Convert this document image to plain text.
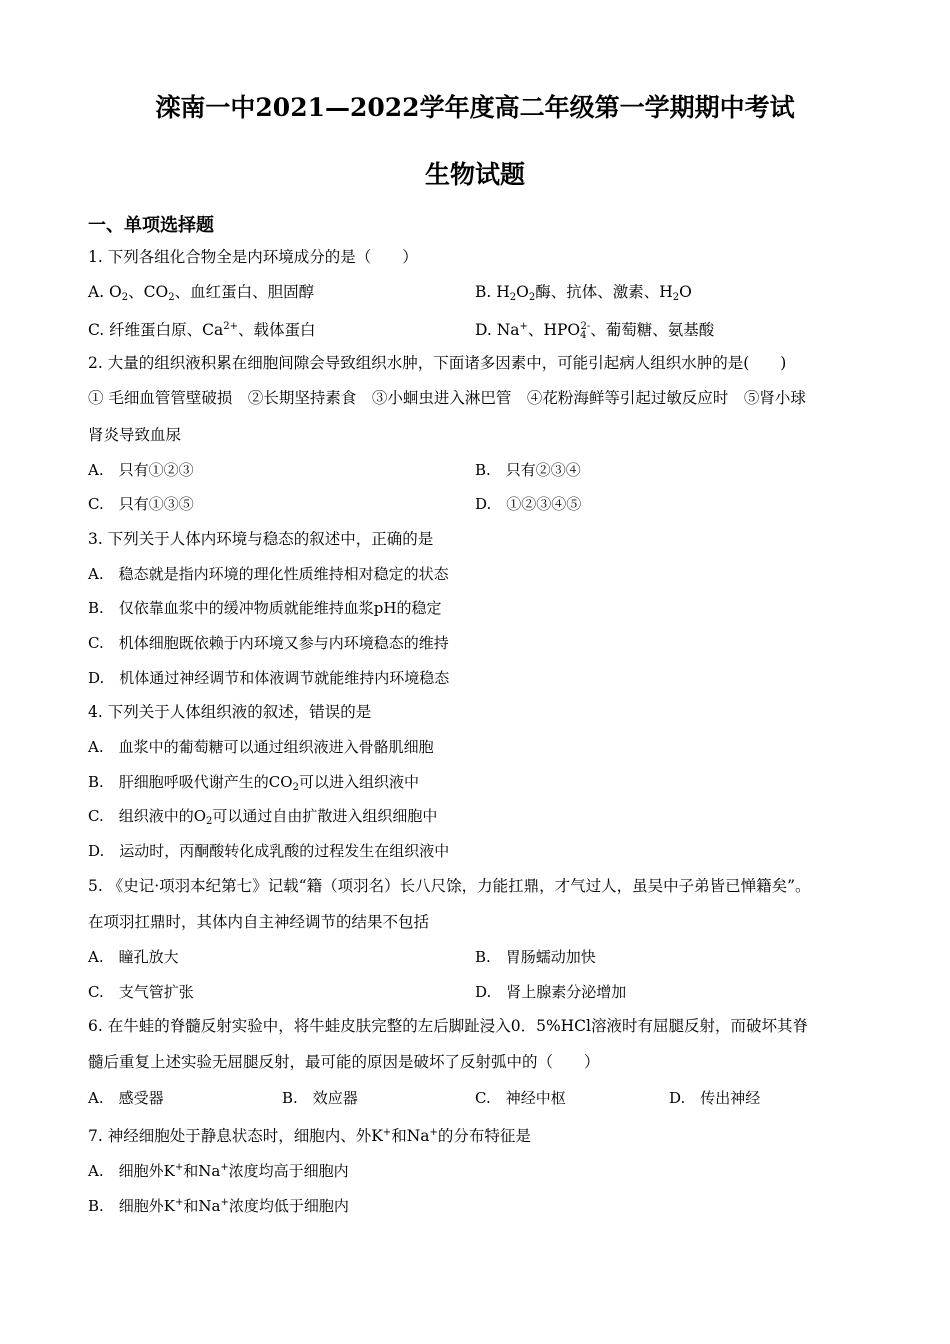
滦南一中2021—2022学年度高二年级第一学期期中考试
生物试题
一、单项选择题
1. 下列各组化合物全是内环境成分的是（　　）
A. $O_2$、$CO_2$、血红蛋白、胆固醇	B. $H_2O_2$酶、抗体、激素、$H_2O$
C. 纤维蛋白原、$Ca^{2+}$、载体蛋白	D. Na+、$HPO_4^{2-}$、葡萄糖、氨基酸
2. 大量的组织液积累在细胞间隙会导致组织水肿，下面诸多因素中，可能引起病人组织水肿的是(　　)
① 毛细血管管壁破损　②长期坚持素食　③小蛔虫进入淋巴管　④花粉海鲜等引起过敏反应时　⑤肾小球
肾炎导致血尿
A.　只有①②③	B.　只有②③④
C.　只有①③⑤	D.　①②③④⑤
3. 下列关于人体内环境与稳态的叙述中，正确的是
A.　稳态就是指内环境的理化性质维持相对稳定的状态
B.　仅依靠血浆中的缓冲物质就能维持血浆pH的稳定
C.　机体细胞既依赖于内环境又参与内环境稳态的维持
D.　机体通过神经调节和体液调节就能维持内环境稳态
4. 下列关于人体组织液的叙述，错误的是
A.　血浆中的葡萄糖可以通过组织液进入骨骼肌细胞
B.　肝细胞呼吸代谢产生的$CO_2$可以进入组织液中
C.　组织液中的$O_2$可以通过自由扩散进入组织细胞中
D.　运动时，丙酮酸转化成乳酸的过程发生在组织液中
5. 《史记·项羽本纪第七》记载“籍（项羽名）长八尺馀，力能扛鼎，才气过人，虽吴中子弟皆已惮籍矣”。
在项羽扛鼎时，其体内自主神经调节的结果不包括
A.　瞳孔放大	B.　胃肠蠕动加快
C.　支气管扩张	D.　肾上腺素分泌增加
6. 在牛蛙的脊髓反射实验中，将牛蛙皮肤完整的左后脚趾浸入0．5%HCl溶液时有屈腿反射，而破坏其脊
髓后重复上述实验无屈腿反射，最可能的原因是破坏了反射弧中的（　　）
A.　感受器	B.　效应器	C.　神经中枢	D.　传出神经
7. 神经细胞处于静息状态时，细胞内、外K+和Na+的分布特征是
A.　细胞外K+和Na+浓度均高于细胞内
B.　细胞外K+和Na+浓度均低于细胞内
